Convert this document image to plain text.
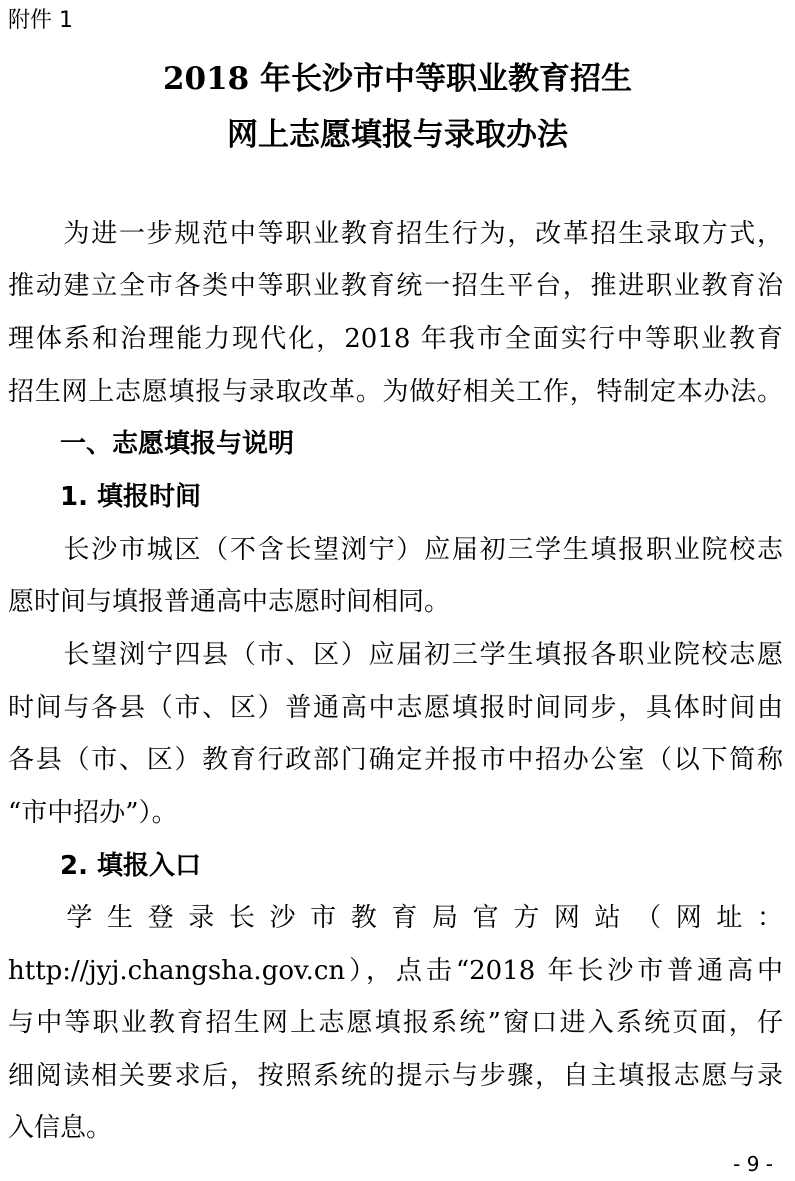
附件 1
2018 年长沙市中等职业教育招生
网上志愿填报与录取办法
　　为进一步规范中等职业教育招生行为，改革招生录取方式，
推动建立全市各类中等职业教育统一招生平台，推进职业教育治
理体系和治理能力现代化，2018 年我市全面实行中等职业教育
招生网上志愿填报与录取改革。为做好相关工作，特制定本办法。
　　一、志愿填报与说明
　　1. 填报时间
　　长沙市城区（不含长望浏宁）应届初三学生填报职业院校志
愿时间与填报普通高中志愿时间相同。
　　长望浏宁四县（市、区）应届初三学生填报各职业院校志愿
时间与各县（市、区）普通高中志愿填报时间同步，具体时间由
各县（市、区）教育行政部门确定并报市中招办公室（以下简称
“市中招办”）。
　　2. 填报入口
　　学 生 登 录 长 沙 市 教 育 局 官 方 网 站 （ 网 址 ：
http://jyj.changsha.gov.cn），点击“2018 年长沙市普通高中
与中等职业教育招生网上志愿填报系统”窗口进入系统页面，仔
细阅读相关要求后，按照系统的提示与步骤，自主填报志愿与录
入信息。
- 9 -
